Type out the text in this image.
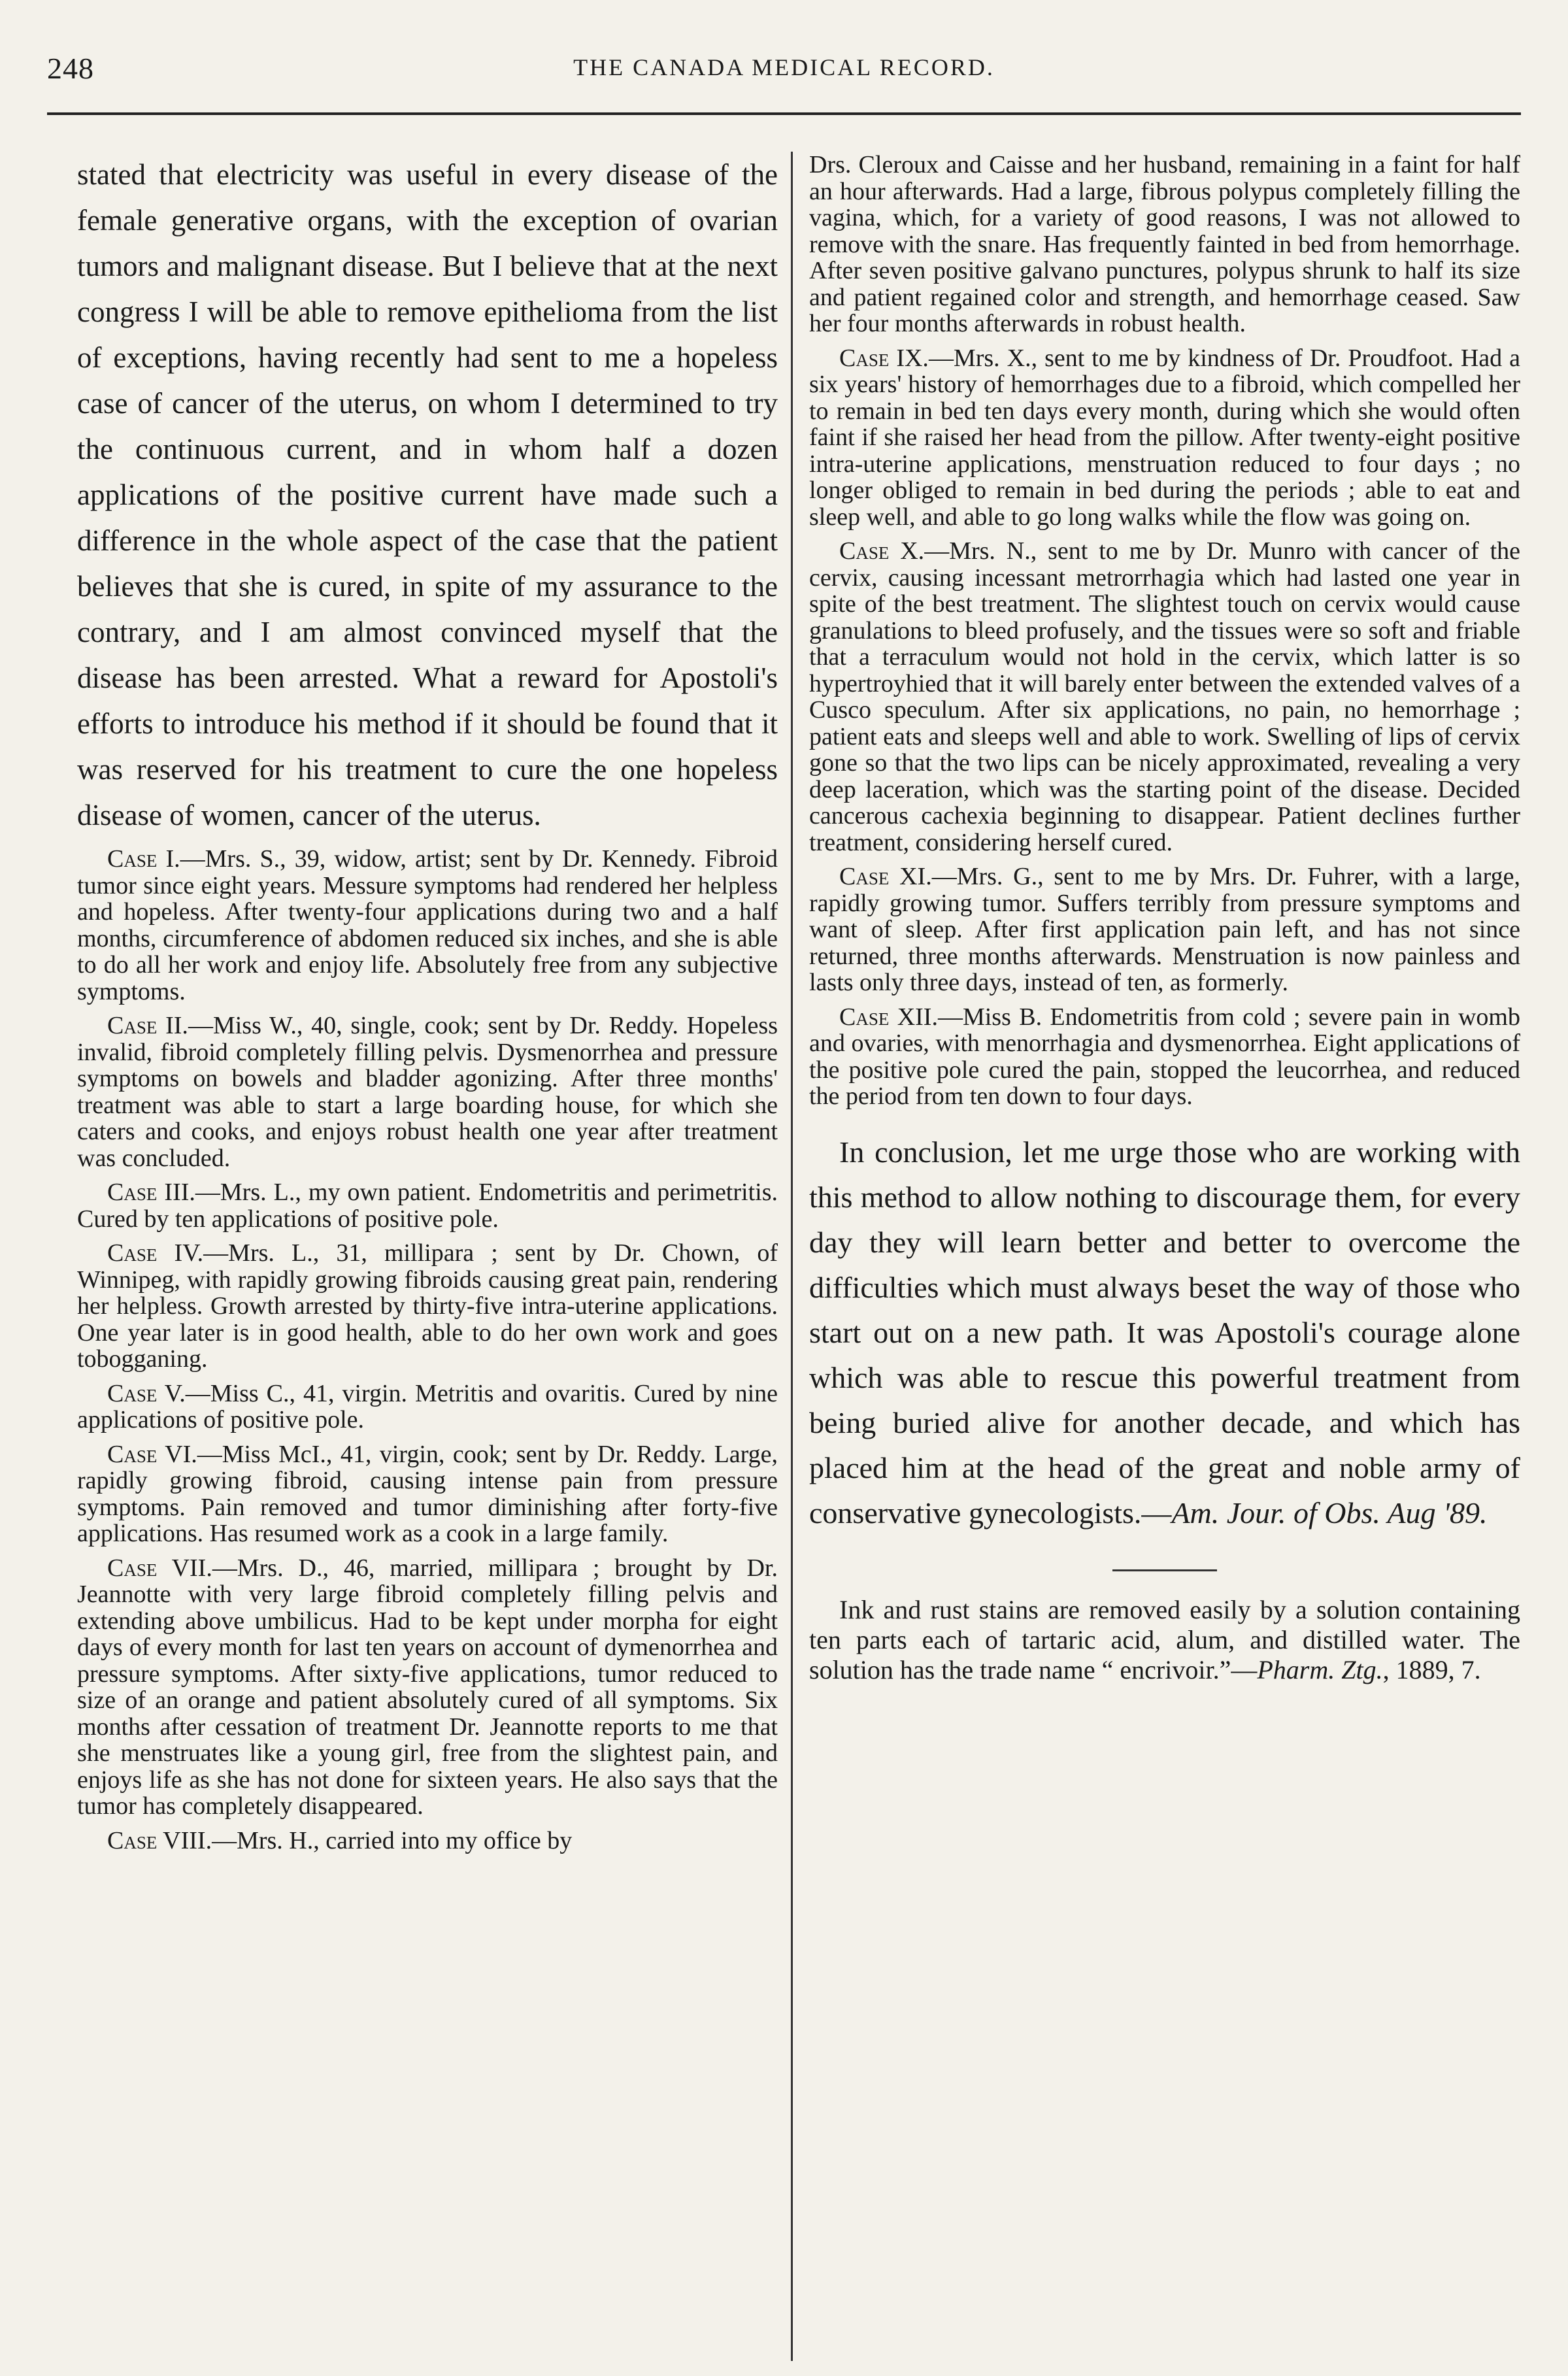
248	THE CANADA MEDICAL RECORD.

stated that electricity was useful in every disease of the female generative organs, with the exception of ovarian tumors and malignant disease. But I believe that at the next congress I will be able to remove epithelioma from the list of exceptions, having recently had sent to me a hopeless case of cancer of the uterus, on whom I determined to try the continuous current, and in whom half a dozen applications of the positive current have made such a difference in the whole aspect of the case that the patient believes that she is cured, in spite of my assurance to the contrary, and I am almost convinced myself that the disease has been arrested. What a reward for Apostoli's efforts to introduce his method if it should be found that it was reserved for his treatment to cure the one hopeless disease of women, cancer of the uterus.

Case I.—Mrs. S., 39, widow, artist; sent by Dr. Kennedy. Fibroid tumor since eight years. Messure symptoms had rendered her helpless and hopeless. After twenty-four applications during two and a half months, circumference of abdomen reduced six inches, and she is able to do all her work and enjoy life. Absolutely free from any subjective symptoms.

Case II.—Miss W., 40, single, cook; sent by Dr. Reddy. Hopeless invalid, fibroid completely filling pelvis. Dysmenorrhea and pressure symptoms on bowels and bladder agonizing. After three months' treatment was able to start a large boarding house, for which she caters and cooks, and enjoys robust health one year after treatment was concluded.

Case III.—Mrs. L., my own patient. Endometritis and perimetritis. Cured by ten applications of positive pole.

Case IV.—Mrs. L., 31, millipara ; sent by Dr. Chown, of Winnipeg, with rapidly growing fibroids causing great pain, rendering her helpless. Growth arrested by thirty-five intra-uterine applications. One year later is in good health, able to do her own work and goes tobogganing.

Case V.—Miss C., 41, virgin. Metritis and ovaritis. Cured by nine applications of positive pole.

Case VI.—Miss McI., 41, virgin, cook; sent by Dr. Reddy. Large, rapidly growing fibroid, causing intense pain from pressure symptoms. Pain removed and tumor diminishing after forty-five applications. Has resumed work as a cook in a large family.

Case VII.—Mrs. D., 46, married, millipara ; brought by Dr. Jeannotte with very large fibroid completely filling pelvis and extending above umbilicus. Had to be kept under morpha for eight days of every month for last ten years on account of dymenorrhea and pressure symptoms. After sixty-five applications, tumor reduced to size of an orange and patient absolutely cured of all symptoms. Six months after cessation of treatment Dr. Jeannotte reports to me that she menstruates like a young girl, free from the slightest pain, and enjoys life as she has not done for sixteen years. He also says that the tumor has completely disappeared.

Case VIII.—Mrs. H., carried into my office by

Drs. Cleroux and Caisse and her husband, remaining in a faint for half an hour afterwards. Had a large, fibrous polypus completely filling the vagina, which, for a variety of good reasons, I was not allowed to remove with the snare. Has frequently fainted in bed from hemorrhage. After seven positive galvano punctures, polypus shrunk to half its size and patient regained color and strength, and hemorrhage ceased. Saw her four months afterwards in robust health.

Case IX.—Mrs. X., sent to me by kindness of Dr. Proudfoot. Had a six years' history of hemorrhages due to a fibroid, which compelled her to remain in bed ten days every month, during which she would often faint if she raised her head from the pillow. After twenty-eight positive intra-uterine applications, menstruation reduced to four days ; no longer obliged to remain in bed during the periods ; able to eat and sleep well, and able to go long walks while the flow was going on.

Case X.—Mrs. N., sent to me by Dr. Munro with cancer of the cervix, causing incessant metrorrhagia which had lasted one year in spite of the best treatment. The slightest touch on cervix would cause granulations to bleed profusely, and the tissues were so soft and friable that a terraculum would not hold in the cervix, which latter is so hypertroyhied that it will barely enter between the extended valves of a Cusco speculum. After six applications, no pain, no hemorrhage ; patient eats and sleeps well and able to work. Swelling of lips of cervix gone so that the two lips can be nicely approximated, revealing a very deep laceration, which was the starting point of the disease. Decided cancerous cachexia beginning to disappear. Patient declines further treatment, considering herself cured.

Case XI.—Mrs. G., sent to me by Mrs. Dr. Fuhrer, with a large, rapidly growing tumor. Suffers terribly from pressure symptoms and want of sleep. After first application pain left, and has not since returned, three months afterwards. Menstruation is now painless and lasts only three days, instead of ten, as formerly.

Case XII.—Miss B. Endometritis from cold ; severe pain in womb and ovaries, with menorrhagia and dysmenorrhea. Eight applications of the positive pole cured the pain, stopped the leucorrhea, and reduced the period from ten down to four days.

In conclusion, let me urge those who are working with this method to allow nothing to discourage them, for every day they will learn better and better to overcome the difficulties which must always beset the way of those who start out on a new path. It was Apostoli's courage alone which was able to rescue this powerful treatment from being buried alive for another decade, and which has placed him at the head of the great and noble army of conservative gynecologists.—Am. Jour. of Obs. Aug '89.

Ink and rust stains are removed easily by a solution containing ten parts each of tartaric acid, alum, and distilled water. The solution has the trade name “ encrivoir.”—Pharm. Ztg., 1889, 7.
